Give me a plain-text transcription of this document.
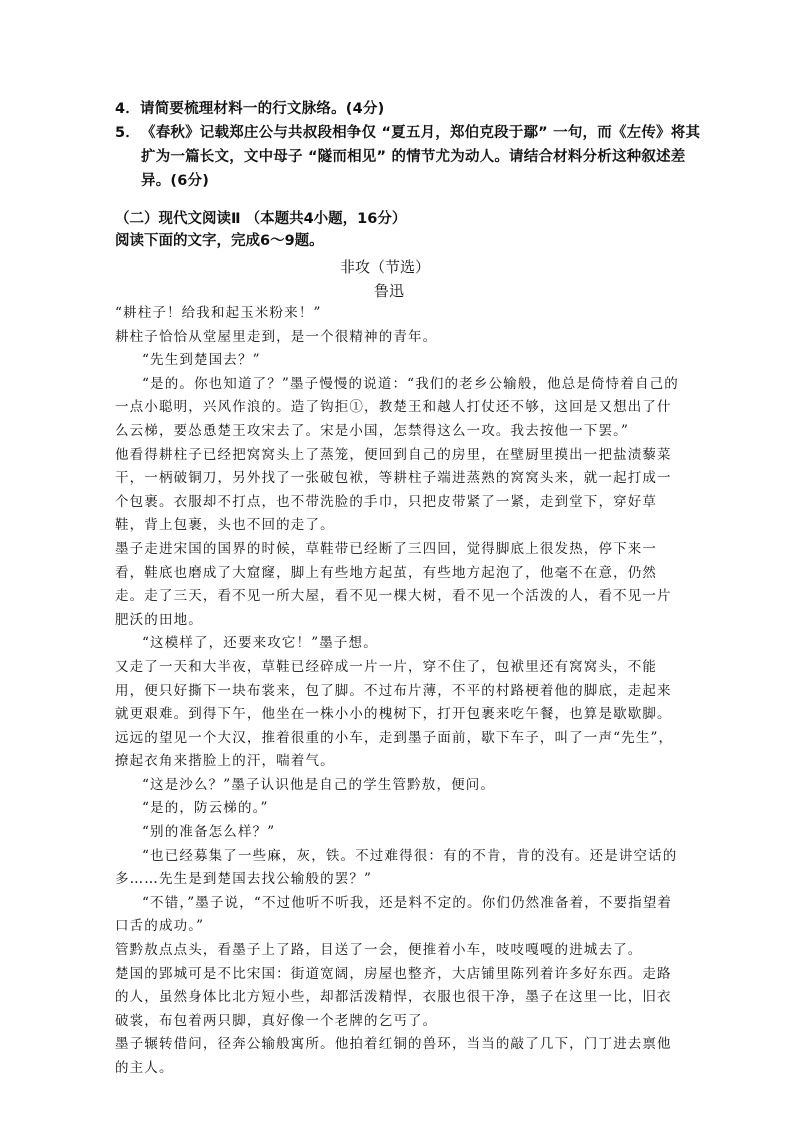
4．请简要梳理材料一的行文脉络。(4分)
5． 《春秋》记载郑庄公与共叔段相争仅 “夏五月，郑伯克段于鄢” 一句，而《左传》将其扩为一篇长文，文中母子 “隧而相见” 的情节尤为动人。请结合材料分析这种叙述差异。(6分)
（二）现代文阅读Ⅱ （本题共4小题，16分）
阅读下面的文字，完成6～9题。
非攻（节选）
鲁迅

“耕柱子！给我和起玉米粉来！”

耕柱子恰恰从堂屋里走到，是一个很精神的青年。

“先生到楚国去？”

“是的。你也知道了？”墨子慢慢的说道：“我们的老乡公输般，他总是倚恃着自己的一点小聪明，兴风作浪的。造了钩拒①，教楚王和越人打仗还不够，这回是又想出了什么云梯，要怂恿楚王攻宋去了。宋是小国，怎禁得这么一攻。我去按他一下罢。”

他看得耕柱子已经把窝窝头上了蒸笼，便回到自己的房里，在壁厨里摸出一把盐渍藜菜干，一柄破铜刀，另外找了一张破包袱，等耕柱子端进蒸熟的窝窝头来，就一起打成一个包裹。衣服却不打点，也不带洗脸的手巾，只把皮带紧了一紧，走到堂下，穿好草鞋，背上包裹，头也不回的走了。

墨子走进宋国的国界的时候，草鞋带已经断了三四回，觉得脚底上很发热，停下来一看，鞋底也磨成了大窟窿，脚上有些地方起茧，有些地方起泡了，他毫不在意，仍然走。走了三天，看不见一所大屋，看不见一棵大树，看不见一个活泼的人，看不见一片肥沃的田地。

“这模样了，还要来攻它！”墨子想。

又走了一天和大半夜，草鞋已经碎成一片一片，穿不住了，包袱里还有窝窝头，不能用，便只好撕下一块布裳来，包了脚。不过布片薄，不平的村路梗着他的脚底，走起来就更艰难。到得下午，他坐在一株小小的槐树下，打开包裹来吃午餐，也算是歇歇脚。远远的望见一个大汉，推着很重的小车，走到墨子面前，歇下车子，叫了一声“先生”，撩起衣角来揩脸上的汗，喘着气。

“这是沙么？”墨子认识他是自己的学生管黔敖，便问。

“是的，防云梯的。”

“别的准备怎么样？”

“也已经募集了一些麻，灰，铁。不过难得很：有的不肯，肯的没有。还是讲空话的多……先生是到楚国去找公输般的罢？”

“不错，”墨子说，“不过他听不听我，还是料不定的。你们仍然准备着，不要指望着口舌的成功。”

管黔敖点点头，看墨子上了路，目送了一会，便推着小车，吱吱嘎嘎的进城去了。

楚国的郢城可是不比宋国：街道宽阔，房屋也整齐，大店铺里陈列着许多好东西。走路的人，虽然身体比北方短小些，却都活泼精悍，衣服也很干净，墨子在这里一比，旧衣破裳，布包着两只脚，真好像一个老牌的乞丐了。

墨子辗转借问，径奔公输般寓所。他拍着红铜的兽环，当当的敲了几下，门丁进去禀他的主人。
